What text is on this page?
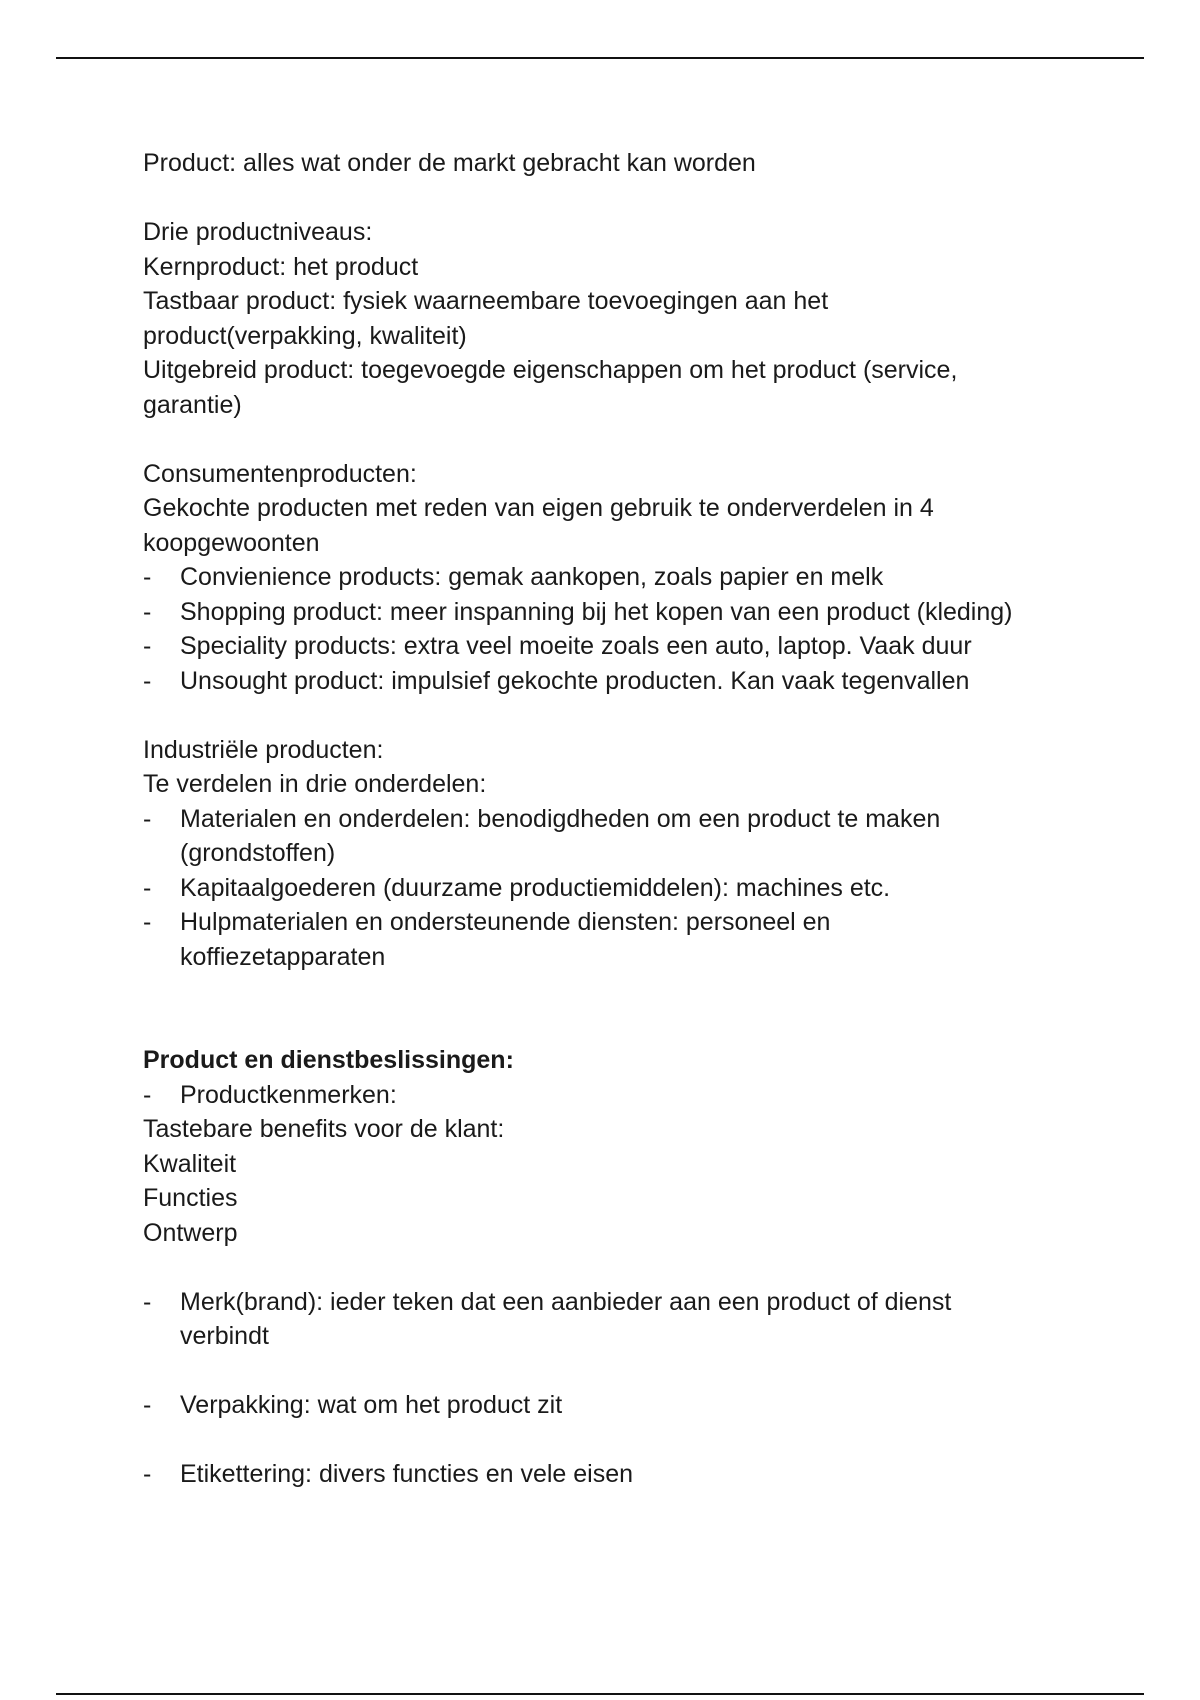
Product: alles wat onder de markt gebracht kan worden
Drie productniveaus:
Kernproduct: het product
Tastbaar product: fysiek waarneembare toevoegingen aan het
product(verpakking, kwaliteit)
Uitgebreid product: toegevoegde eigenschappen om het product (service,
garantie)
Consumentenproducten:
Gekochte producten met reden van eigen gebruik te onderverdelen in 4
koopgewoonten
- Convienience products: gemak aankopen, zoals papier en melk
- Shopping product: meer inspanning bij het kopen van een product (kleding)
- Speciality products: extra veel moeite zoals een auto, laptop. Vaak duur
- Unsought product: impulsief gekochte producten. Kan vaak tegenvallen
Industriële producten:
Te verdelen in drie onderdelen:
- Materialen en onderdelen: benodigdheden om een product te maken
(grondstoffen)
- Kapitaalgoederen (duurzame productiemiddelen): machines etc.
- Hulpmaterialen en ondersteunende diensten: personeel en
koffiezetapparaten
Product en dienstbeslissingen:
- Productkenmerken:
Tastebare benefits voor de klant:
Kwaliteit
Functies
Ontwerp
- Merk(brand): ieder teken dat een aanbieder aan een product of dienst
verbindt
- Verpakking: wat om het product zit
- Etikettering: divers functies en vele eisen
